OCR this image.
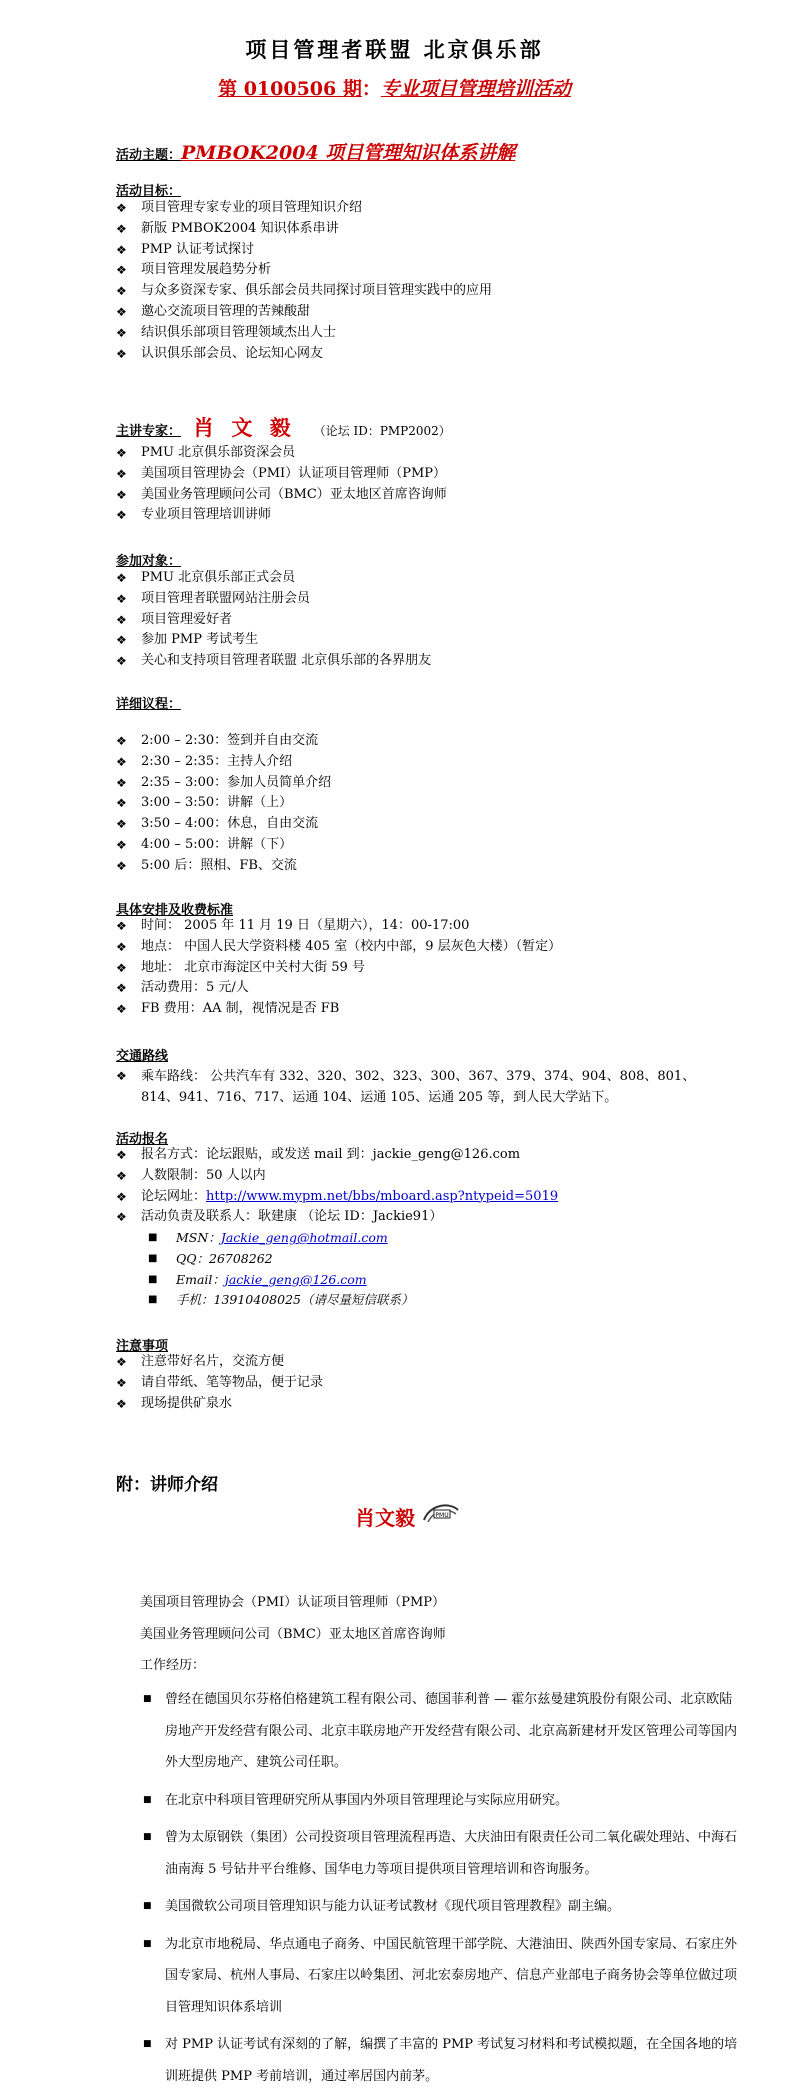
项目管理者联盟 北京俱乐部
第 0100506 期：专业项目管理培训活动
活动主题：PMBOK2004 项目管理知识体系讲解
活动目标：
❖ 项目管理专家专业的项目管理知识介绍
❖ 新版 PMBOK2004 知识体系串讲
❖ PMP 认证考试探讨
❖ 项目管理发展趋势分析
❖ 与众多资深专家、俱乐部会员共同探讨项目管理实践中的应用
❖ 邀心交流项目管理的苦辣酸甜
❖ 结识俱乐部项目管理领域杰出人士
❖ 认识俱乐部会员、论坛知心网友
主讲专家： 肖 文 毅 （论坛 ID：PMP2002）
❖ PMU 北京俱乐部资深会员
❖ 美国项目管理协会（PMI）认证项目管理师（PMP）
❖ 美国业务管理顾问公司（BMC）亚太地区首席咨询师
❖ 专业项目管理培训讲师
参加对象：
❖ PMU 北京俱乐部正式会员
❖ 项目管理者联盟网站注册会员
❖ 项目管理爱好者
❖ 参加 PMP 考试考生
❖ 关心和支持项目管理者联盟 北京俱乐部的各界朋友
详细议程：
❖ 2:00 – 2:30：签到并自由交流
❖ 2:30 – 2:35：主持人介绍
❖ 2:35 – 3:00：参加人员简单介绍
❖ 3:00 – 3:50：讲解（上）
❖ 3:50 – 4:00：休息，自由交流
❖ 4:00 – 5:00：讲解（下）
❖ 5:00 后：照相、FB、交流
具体安排及收费标准
❖ 时间： 2005 年 11 月 19 日（星期六），14：00-17:00
❖ 地点： 中国人民大学资料楼 405 室（校内中部，9 层灰色大楼）（暂定）
❖ 地址： 北京市海淀区中关村大街 59 号
❖ 活动费用：5 元/人
❖ FB 费用：AA 制，视情况是否 FB
交通路线
❖	乘车路线： 公共汽车有 332、320、302、323、300、367、379、374、904、808、801、814、941、716、717、运通 104、运通 105、运通 205 等，到人民大学站下。
活动报名
❖ 报名方式：论坛跟贴，或发送 mail 到：jackie_geng@126.com
❖ 人数限制：50 人以内
❖ 论坛网址：http://www.mypm.net/bbs/mboard.asp?ntypeid=5019
❖ 活动负责及联系人：耿建康 （论坛 ID：Jackie91）
■ MSN：Jackie_geng@hotmail.com
■ QQ：26708262
■ Email：jackie_geng@126.com
■ 手机：13910408025（请尽量短信联系）
注意事项
❖ 注意带好名片，交流方便
❖ 请自带纸、笔等物品，便于记录
❖ 现场提供矿泉水
附：讲师介绍
肖文毅	PMU
美国项目管理协会（PMI）认证项目管理师（PMP）
美国业务管理顾问公司（BMC）亚太地区首席咨询师
工作经历：
■ 曾经在德国贝尔芬格伯格建筑工程有限公司、德国菲利普 — 霍尔兹曼建筑股份有限公司、北京欧陆房地产开发经营有限公司、北京丰联房地产开发经营有限公司、北京高新建材开发区管理公司等国内外大型房地产、建筑公司任职。
■ 在北京中科项目管理研究所从事国内外项目管理理论与实际应用研究。
■ 曾为太原钢铁（集团）公司投资项目管理流程再造、大庆油田有限责任公司二氧化碳处理站、中海石油南海 5 号钻井平台维修、国华电力等项目提供项目管理培训和咨询服务。
■ 美国微软公司项目管理知识与能力认证考试教材《现代项目管理教程》副主编。
■ 为北京市地税局、华点通电子商务、中国民航管理干部学院、大港油田、陕西外国专家局、石家庄外国专家局、杭州人事局、石家庄以岭集团、河北宏泰房地产、信息产业部电子商务协会等单位做过项目管理知识体系培训
■ 对 PMP 认证考试有深刻的了解，编撰了丰富的 PMP 考试复习材料和考试模拟题，在全国各地的培训班提供 PMP 考前培训，通过率居国内前茅。
